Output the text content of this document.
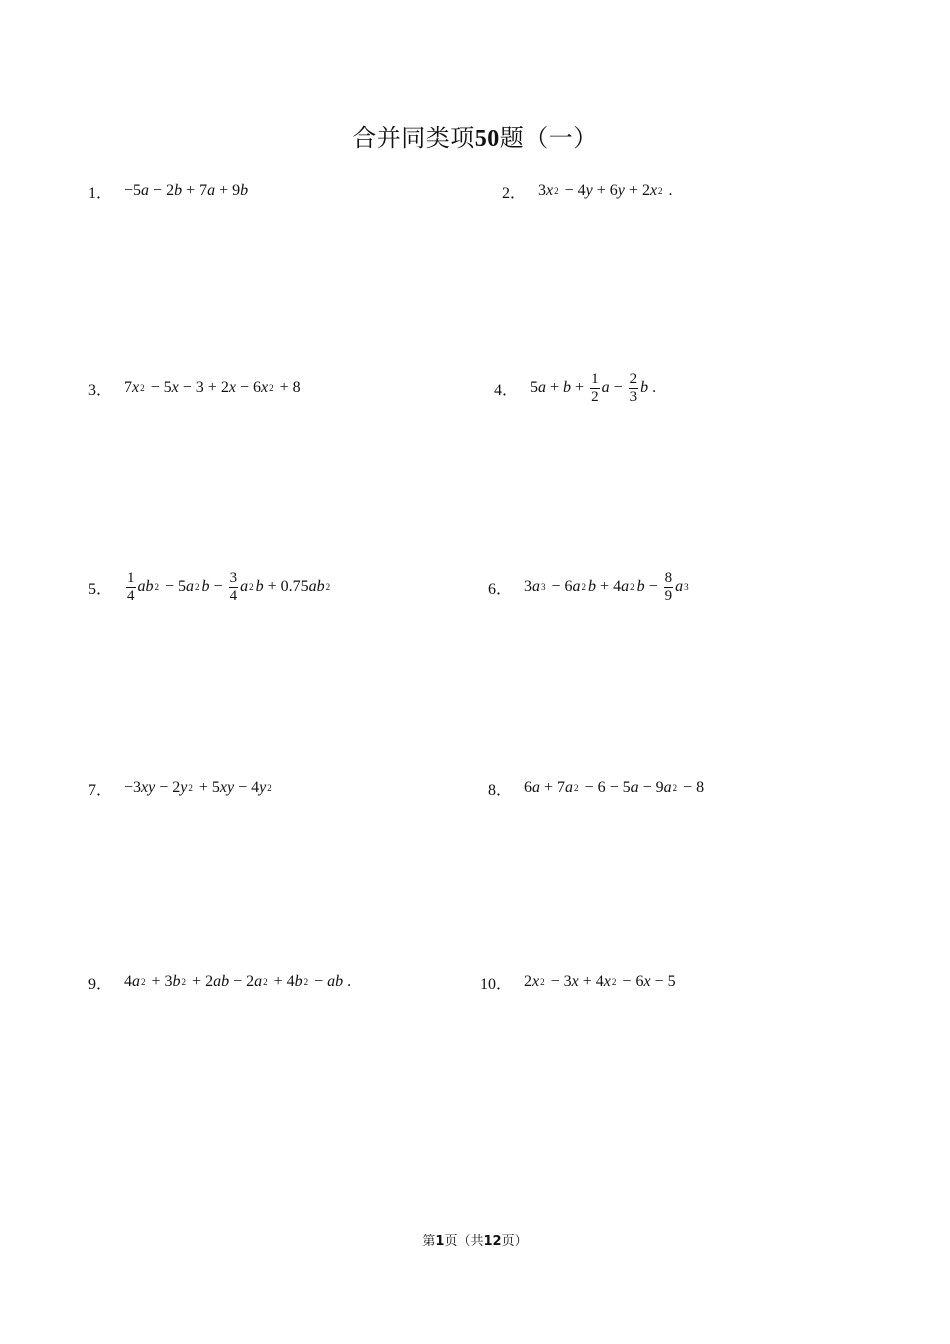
合并同类项50题（一）
1． −5 a − 2 b + 7 a + 9 b	2． 3 x 2 − 4 y + 6 y + 2 x 2 .
3． 7 x 2 − 5 x − 3 + 2 x − 6 x 2 + 8	4． 5 $a + b + \frac{1}{2}$ $a - \frac{2}{3}$ b .
5． $\frac{1}{4}$ ab 2 − 5 a 2 $b - \frac{3}{4}$ a 2 b + 0.75 ab 2	6． 3 a 3 − 6 a 2 b + 4 a 2 $b - \frac{8}{9}$ a 3
7． −3 xy − 2 y 2 + 5 xy − 4 y 2	8． 6 a + 7 a 2 − 6 − 5 a − 9 a 2 − 8
9． 4 a 2 + 3 b 2 + 2 ab − 2 a 2 + 4 b 2 − ab .	10． 2 x 2 − 3 x + 4 x 2 − 6 x − 5
第1页（共12页）
